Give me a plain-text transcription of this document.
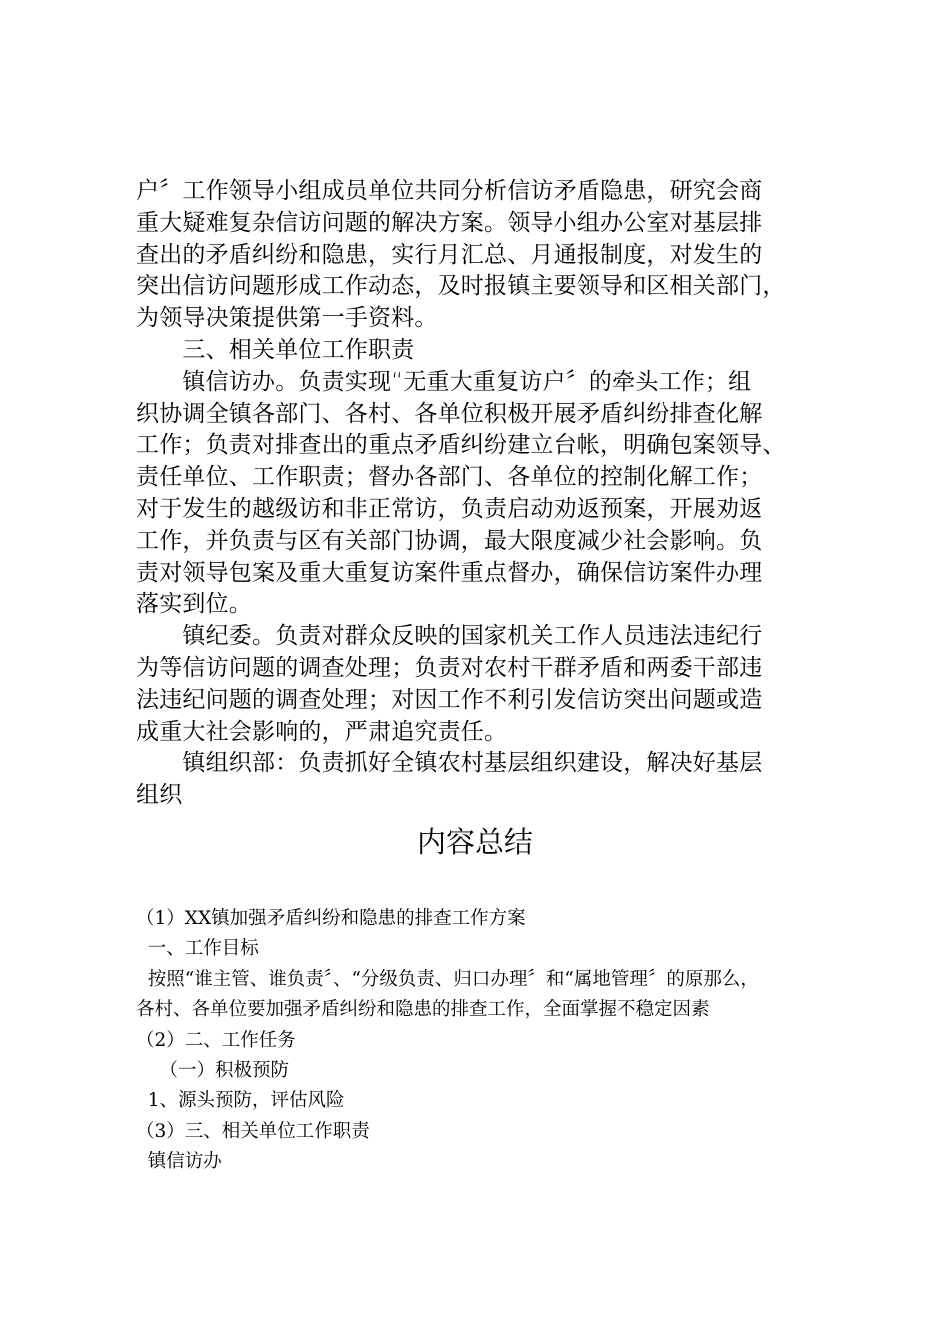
户〞工作领导小组成员单位共同分析信访矛盾隐患，研究会商
重大疑难复杂信访问题的解决方案。领导小组办公室对基层排
查出的矛盾纠纷和隐患，实行月汇总、月通报制度，对发生的
突出信访问题形成工作动态，及时报镇主要领导和区相关部门，
为领导决策提供第一手资料。
　　三、相关单位工作职责
　　镇信访办。负责实现“无重大重复访户〞的牵头工作；组
织协调全镇各部门、各村、各单位积极开展矛盾纠纷排查化解
工作；负责对排查出的重点矛盾纠纷建立台帐，明确包案领导、
责任单位、工作职责；督办各部门、各单位的控制化解工作；
对于发生的越级访和非正常访，负责启动劝返预案，开展劝返
工作，并负责与区有关部门协调，最大限度减少社会影响。负
责对领导包案及重大重复访案件重点督办，确保信访案件办理
落实到位。
　　镇纪委。负责对群众反映的国家机关工作人员违法违纪行
为等信访问题的调查处理；负责对农村干群矛盾和两委干部违
法违纪问题的调查处理；对因工作不利引发信访突出问题或造
成重大社会影响的，严肃追究责任。
　　镇组织部：负责抓好全镇农村基层组织建设，解决好基层
组织
内容总结
（1）XX镇加强矛盾纠纷和隐患的排查工作方案
一、工作目标
按照“谁主管、谁负责〞、“分级负责、归口办理〞和“属地管理〞的原那么，
各村、各单位要加强矛盾纠纷和隐患的排查工作，全面掌握不稳定因素
（2）二、工作任务
（一）积极预防
1、源头预防，评估风险
（3）三、相关单位工作职责
镇信访办
